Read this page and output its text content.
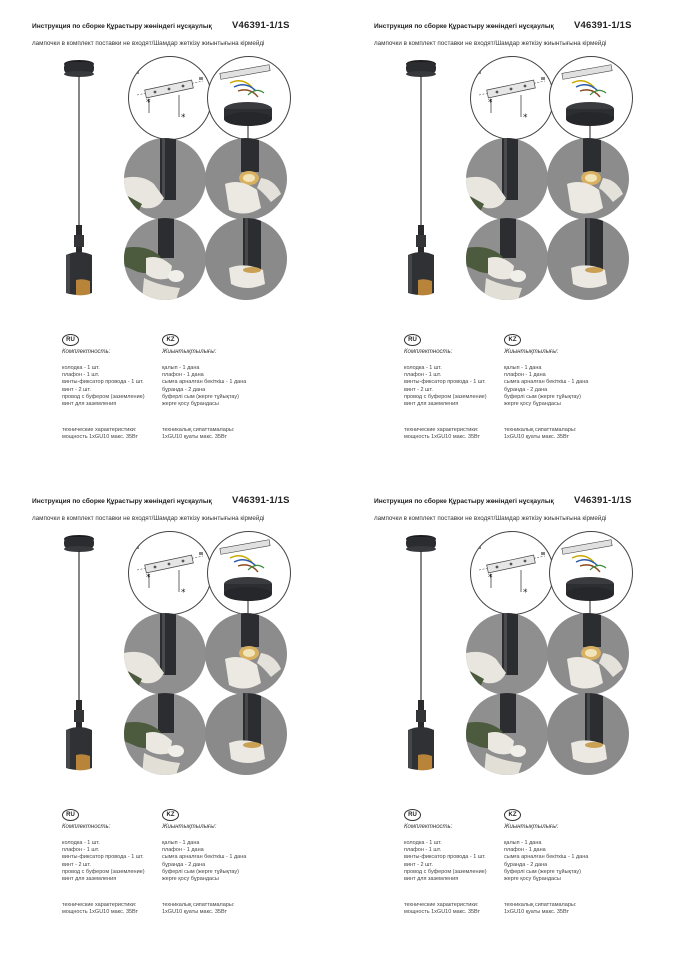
Инструкция по сборке Құрастыру жөніндегі нұсқаулық V46391-1/1S
лампочки в комплект поставки не входят/Шамдар жеткізу жиынтығына кірмейді
*
*
RU
Комплектность:
колодка - 1 шт.
плафон - 1 шт.
винты-фиксатор провода - 1 шт.
винт - 2 шт.
провод с буфером (заземление)
винт для заземления
технические характеристики:
мощность 1хGU10 макс. 35Вт
KZ
Жиынтықтылығы:
қалып - 1 дана
плафон - 1 дана
сымға арналған бекіткіш - 1 дана
бұранда - 2 дана
буферлі сым (жерге тұйықтау)
жерге қосу бұрандасы
техникалық сипаттамалары:
1хGU10 қуаты макс. 35Вт
Инструкция по сборке Құрастыру жөніндегі нұсқаулық V46391-1/1S
лампочки в комплект поставки не входят/Шамдар жеткізу жиынтығына кірмейді
*
*
RU
Комплектность:
колодка - 1 шт.
плафон - 1 шт.
винты-фиксатор провода - 1 шт.
винт - 2 шт.
провод с буфером (заземление)
винт для заземления
технические характеристики:
мощность 1хGU10 макс. 35Вт
KZ
Жиынтықтылығы:
қалып - 1 дана
плафон - 1 дана
сымға арналған бекіткіш - 1 дана
бұранда - 2 дана
буферлі сым (жерге тұйықтау)
жерге қосу бұрандасы
техникалық сипаттамалары:
1хGU10 қуаты макс. 35Вт
Инструкция по сборке Құрастыру жөніндегі нұсқаулық V46391-1/1S
лампочки в комплект поставки не входят/Шамдар жеткізу жиынтығына кірмейді
*
*
RU
Комплектность:
колодка - 1 шт.
плафон - 1 шт.
винты-фиксатор провода - 1 шт.
винт - 2 шт.
провод с буфером (заземление)
винт для заземления
технические характеристики:
мощность 1хGU10 макс. 35Вт
KZ
Жиынтықтылығы:
қалып - 1 дана
плафон - 1 дана
сымға арналған бекіткіш - 1 дана
бұранда - 2 дана
буферлі сым (жерге тұйықтау)
жерге қосу бұрандасы
техникалық сипаттамалары:
1хGU10 қуаты макс. 35Вт
Инструкция по сборке Құрастыру жөніндегі нұсқаулық V46391-1/1S
лампочки в комплект поставки не входят/Шамдар жеткізу жиынтығына кірмейді
*
*
RU
Комплектность:
колодка - 1 шт.
плафон - 1 шт.
винты-фиксатор провода - 1 шт.
винт - 2 шт.
провод с буфером (заземление)
винт для заземления
технические характеристики:
мощность 1хGU10 макс. 35Вт
KZ
Жиынтықтылығы:
қалып - 1 дана
плафон - 1 дана
сымға арналған бекіткіш - 1 дана
бұранда - 2 дана
буферлі сым (жерге тұйықтау)
жерге қосу бұрандасы
техникалық сипаттамалары:
1хGU10 қуаты макс. 35Вт
